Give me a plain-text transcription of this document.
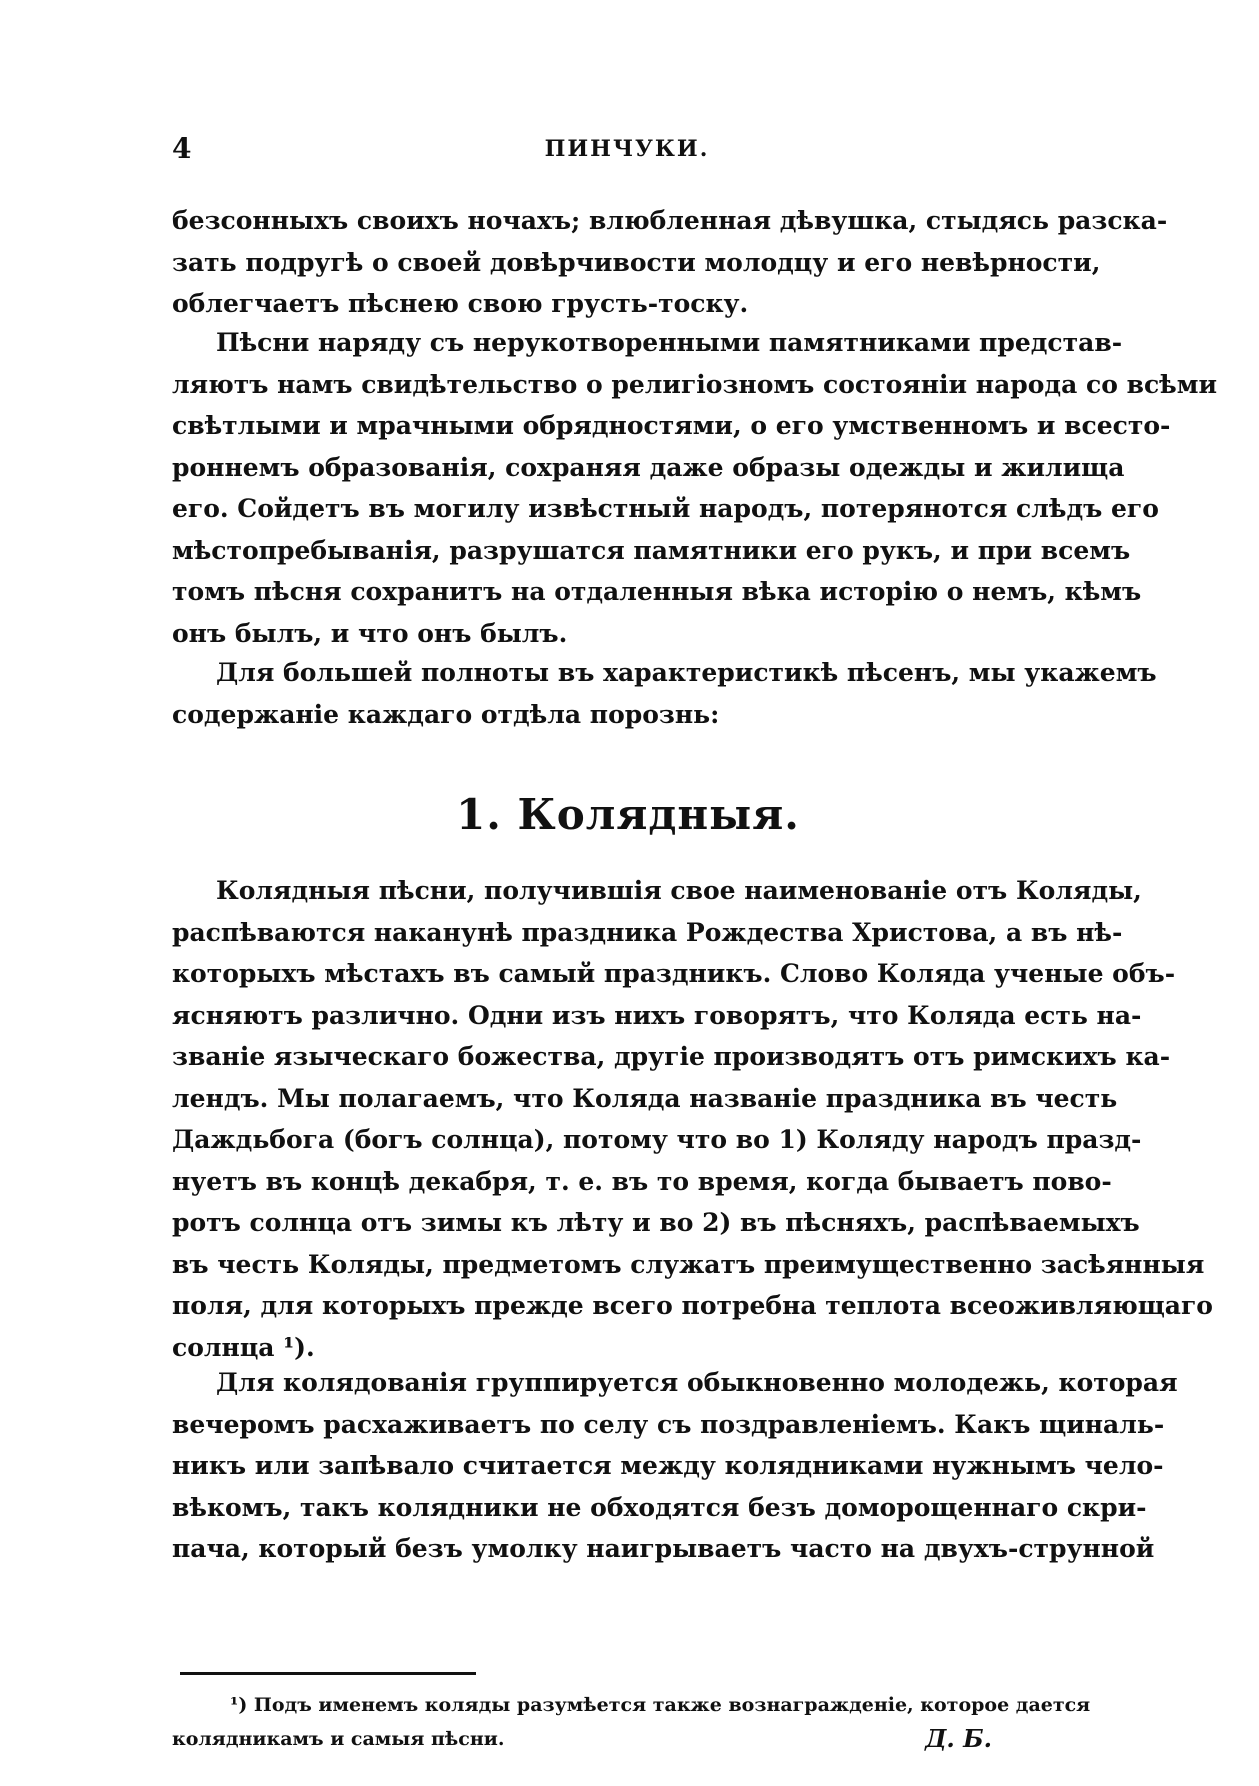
4	ПИНЧУКИ.
безсонныхъ своихъ ночахъ; влюбленная дѣвушка, стыдясь разска-
зать подругѣ о своей довѣрчивости молодцу и его невѣрности,
облегчаетъ пѣснею свою грусть-тоску.
Пѣсни наряду съ нерукотворенными памятниками представ-
ляютъ намъ свидѣтельство о религіозномъ состояніи народа со всѣми
свѣтлыми и мрачными обрядностями, о его умственномъ и всесто-
роннемъ образованія, сохраняя даже образы одежды и жилища
его. Сойдетъ въ могилу извѣстный народъ, потерянотся слѣдъ его
мѣстопребыванія, разрушатся памятники его рукъ, и при всемъ
томъ пѣсня сохранитъ на отдаленныя вѣка исторію о немъ, кѣмъ
онъ былъ, и что онъ былъ.
Для большей полноты въ характеристикѣ пѣсенъ, мы укажемъ
содержаніе каждаго отдѣла порознь:
1. Колядныя.
Колядныя пѣсни, получившія свое наименованіе отъ Коляды,
распѣваются наканунѣ праздника Рождества Христова, а въ нѣ-
которыхъ мѣстахъ въ самый праздникъ. Слово Коляда ученые объ-
ясняютъ различно. Одни изъ нихъ говорятъ, что Коляда есть на-
званіе языческаго божества, другіе производятъ отъ римскихъ ка-
лендъ. Мы полагаемъ, что Коляда названіе праздника въ честь
Даждьбога (богъ солнца), потому что во 1) Коляду народъ празд-
нуетъ въ концѣ декабря, т. е. въ то время, когда бываетъ пово-
ротъ солнца отъ зимы къ лѣту и во 2) въ пѣсняхъ, распѣваемыхъ
въ честь Коляды, предметомъ служатъ преимущественно засѣянныя
поля, для которыхъ прежде всего потребна теплота всеоживляющаго
солнца ¹).
Для колядованія группируется обыкновенно молодежь, которая
вечеромъ расхаживаетъ по селу съ поздравленіемъ. Какъ щиналь-
никъ или запѣвало считается между колядниками нужнымъ чело-
вѣкомъ, такъ колядники не обходятся безъ доморощеннаго скри-
пача, который безъ умолку наигрываетъ часто на двухъ-струнной
¹) Подъ именемъ коляды разумѣется также вознагражденіе, которое дается
колядникамъ и самыя пѣсни.	Д. Б.
